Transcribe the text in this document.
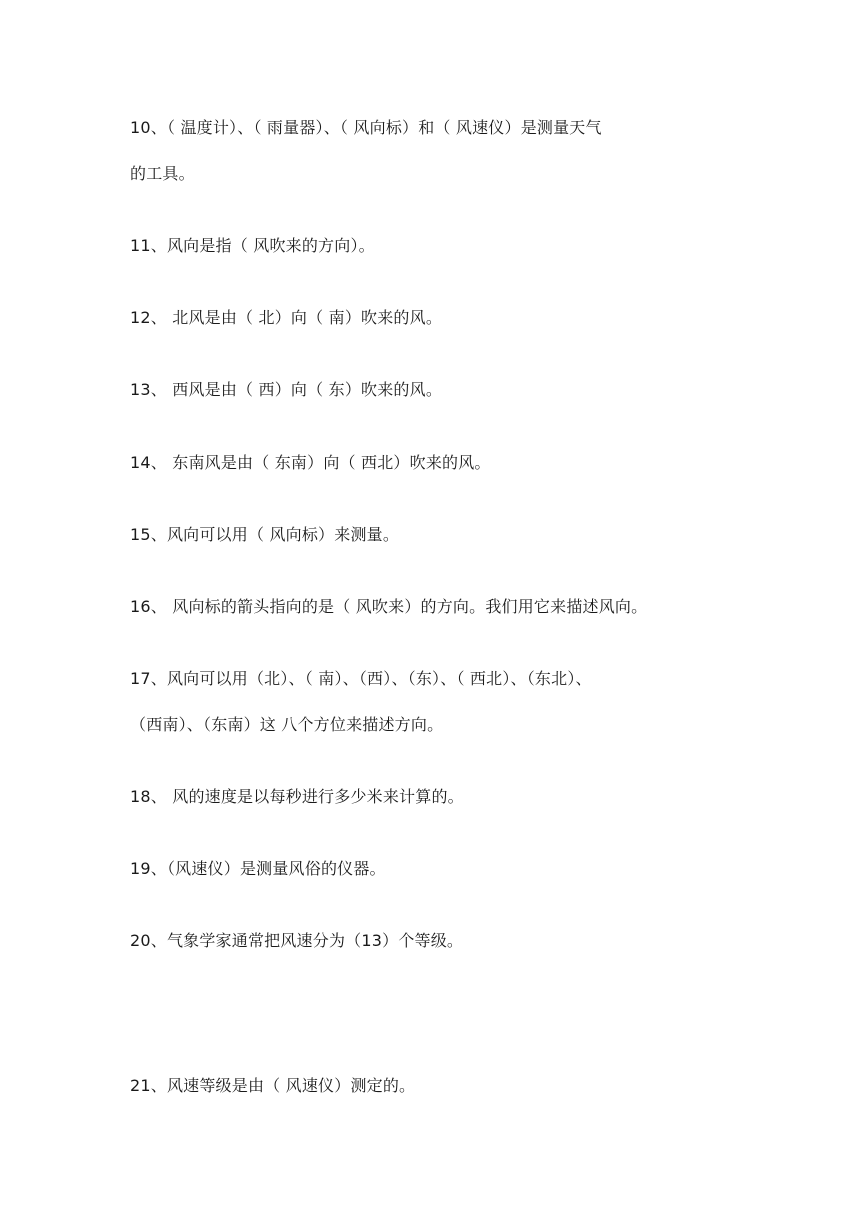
10、（ 温度计）、（ 雨量器）、（ 风向标）和（ 风速仪）是测量天气
的工具。
11、风向是指（ 风吹来的方向）。
12、 北风是由（ 北）向（ 南）吹来的风。
13、 西风是由（ 西）向（ 东）吹来的风。
14、 东南风是由（ 东南）向（ 西北）吹来的风。
15、风向可以用（ 风向标）来测量。
16、 风向标的箭头指向的是（ 风吹来）的方向。我们用它来描述风向。
17、风向可以用（北）、（ 南）、（西）、（东）、（ 西北）、（东北）、
（西南）、（东南）这 八个方位来描述方向。
18、 风的速度是以每秒进行多少米来计算的。
19、（风速仪）是测量风俗的仪器。
20、气象学家通常把风速分为（13）个等级。
21、风速等级是由（ 风速仪）测定的。
